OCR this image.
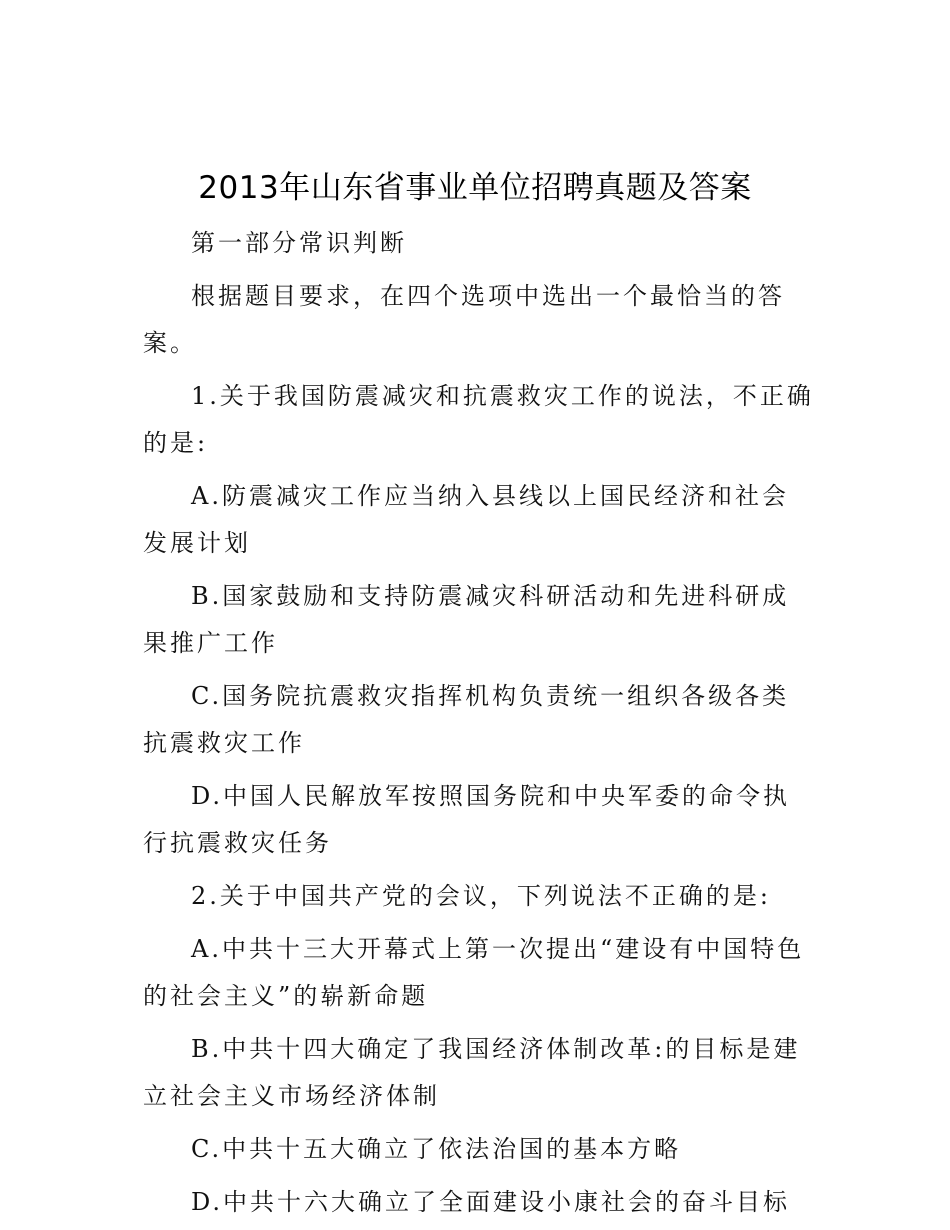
2013年山东省事业单位招聘真题及答案

第一部分常识判断

根据题目要求，在四个选项中选出一个最恰当的答案。

1.关于我国防震减灾和抗震救灾工作的说法，不正确的是:

A.防震减灾工作应当纳入县线以上国民经济和社会发展计划

B.国家鼓励和支持防震减灾科研活动和先进科研成果推广工作

C.国务院抗震救灾指挥机构负责统一组织各级各类抗震救灾工作

D.中国人民解放军按照国务院和中央军委的命令执行抗震救灾任务

2.关于中国共产党的会议，下列说法不正确的是:

A.中共十三大开幕式上第一次提出“建设有中国特色的社会主义”的崭新命题

B.中共十四大确定了我国经济体制改革:的目标是建立社会主义市场经济体制

C.中共十五大确立了依法治国的基本方略

D.中共十六大确立了全面建设小康社会的奋斗目标
